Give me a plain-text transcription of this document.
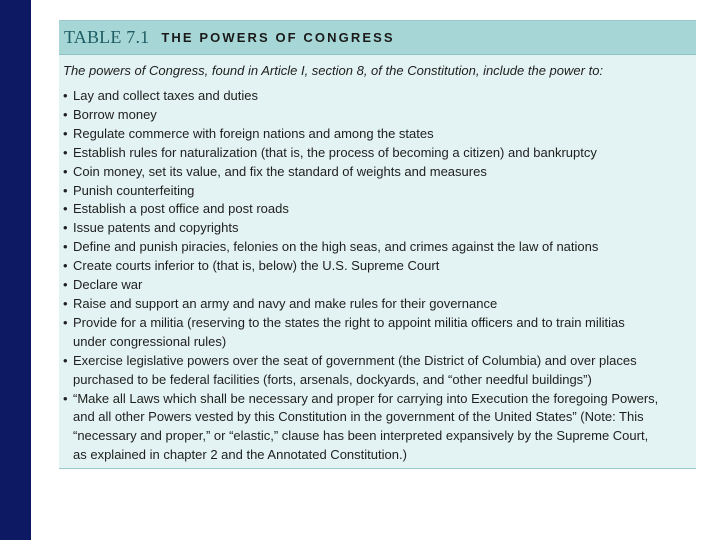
TABLE 7.1 THE POWERS OF CONGRESS
The powers of Congress, found in Article I, section 8, of the Constitution, include the power to:
• Lay and collect taxes and duties
• Borrow money
• Regulate commerce with foreign nations and among the states
• Establish rules for naturalization (that is, the process of becoming a citizen) and bankruptcy
• Coin money, set its value, and fix the standard of weights and measures
• Punish counterfeiting
• Establish a post office and post roads
• Issue patents and copyrights
• Define and punish piracies, felonies on the high seas, and crimes against the law of nations
• Create courts inferior to (that is, below) the U.S. Supreme Court
• Declare war
• Raise and support an army and navy and make rules for their governance
• Provide for a militia (reserving to the states the right to appoint militia officers and to train militias
under congressional rules)
• Exercise legislative powers over the seat of government (the District of Columbia) and over places
purchased to be federal facilities (forts, arsenals, dockyards, and “other needful buildings”)
• “Make all Laws which shall be necessary and proper for carrying into Execution the foregoing Powers,
and all other Powers vested by this Constitution in the government of the United States” (Note: This
“necessary and proper,” or “elastic,” clause has been interpreted expansively by the Supreme Court,
as explained in chapter 2 and the Annotated Constitution.)
